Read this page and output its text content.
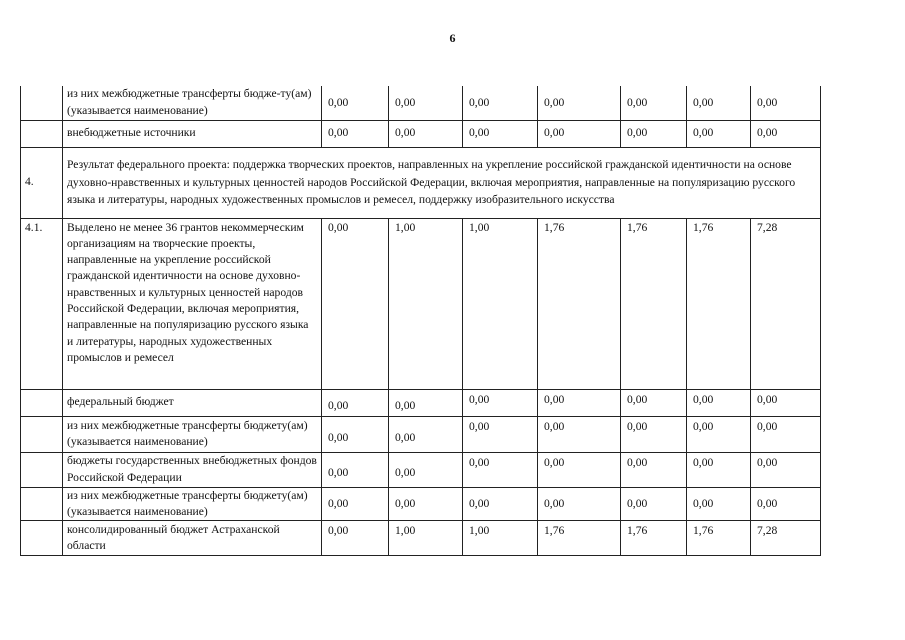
6
	из них межбюджетные трансферты бюдже-ту(ам) (указывается наименование)	0,00	0,00	0,00	0,00	0,00	0,00	0,00
	внебюджетные источники	0,00	0,00	0,00	0,00	0,00	0,00	0,00
4.	Результат федерального проекта: поддержка творческих проектов, направленных на укрепление российской гражданской идентичности на основе духовно-нравственных и культурных ценностей народов Российской Федерации, включая мероприятия, направленные на популяризацию русского языка и литературы, народных художественных промыслов и ремесел, поддержку изобразительного искусства							
4.1.	Выделено не менее 36 грантов некоммерческим организациям на творческие проекты, направленные на укрепление российской гражданской идентичности на основе духовно-нравственных и культурных ценностей народов Российской Федерации, включая мероприятия, направленные на популяризацию русского языка и литературы, народных художественных промыслов и ремесел	0,00	1,00	1,00	1,76	1,76	1,76	7,28
	федеральный бюджет	0,00	0,00	0,00	0,00	0,00	0,00	0,00
	из них межбюджетные трансферты бюджету(ам) (указывается наименование)	0,00	0,00	0,00	0,00	0,00	0,00	0,00
	бюджеты государственных внебюджетных фондов Российской Федерации	0,00	0,00	0,00	0,00	0,00	0,00	0,00
	из них межбюджетные трансферты бюджету(ам) (указывается наименование)	0,00	0,00	0,00	0,00	0,00	0,00	0,00
	консолидированный бюджет Астраханской области	0,00	1,00	1,00	1,76	1,76	1,76	7,28
